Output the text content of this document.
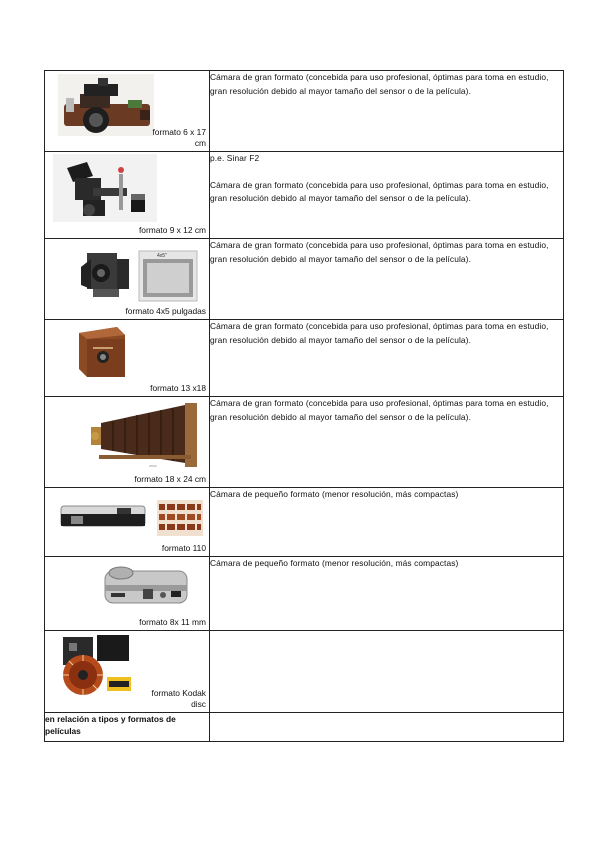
formato 6 x 17 cm	Cámara de gran formato (concebida para uso profesional, óptimas para toma en estudio, gran resolución debido al mayor tamaño del sensor o de la película).

formato 9 x 12 cm	p.e. Sinar F2
Cámara de gran formato (concebida para uso profesional, óptimas para toma en estudio, gran resolución debido al mayor tamaño del sensor o de la película).

4x5"
formato 4x5 pulgadas	Cámara de gran formato (concebida para uso profesional, óptimas para toma en estudio, gran resolución debido al mayor tamaño del sensor o de la película).

formato 13 x18	Cámara de gran formato (concebida para uso profesional, óptimas para toma en estudio, gran resolución debido al mayor tamaño del sensor o de la película).

www.
formato 18 x 24 cm	Cámara de gran formato (concebida para uso profesional, óptimas para toma en estudio, gran resolución debido al mayor tamaño del sensor o de la película).

formato 110	Cámara de pequeño formato (menor resolución, más compactas)

formato 8x 11 mm	Cámara de pequeño formato (menor resolución, más compactas)

formato Kodak disc	

en relación a tipos y formatos de películas	
